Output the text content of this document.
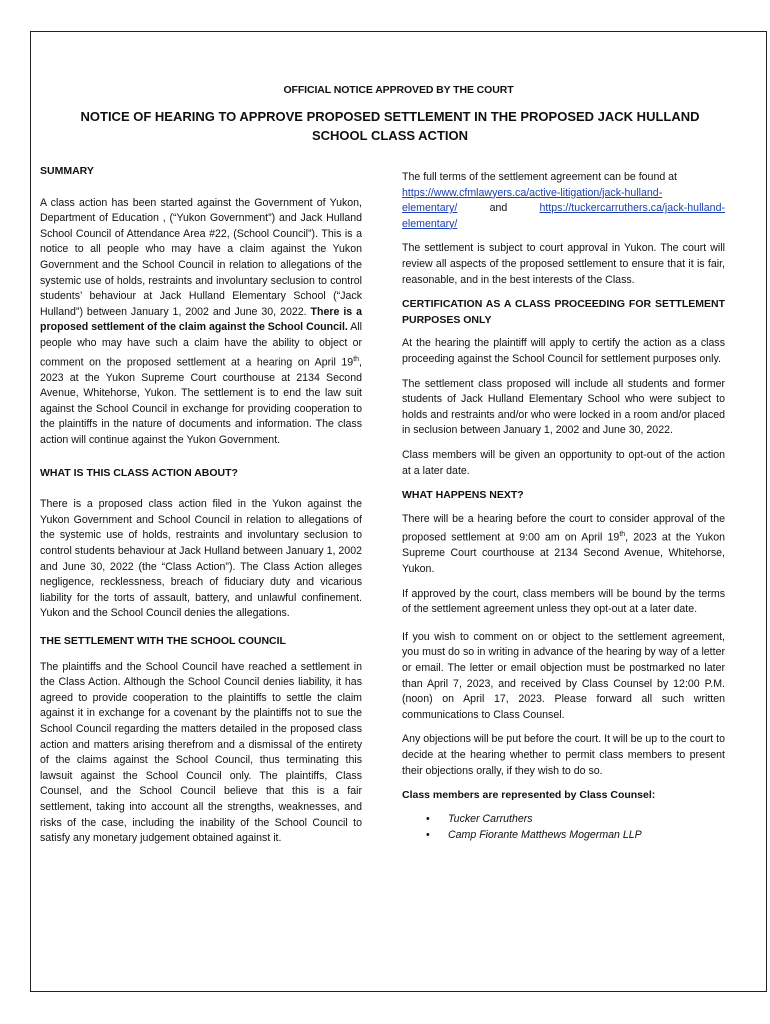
OFFICIAL NOTICE APPROVED BY THE COURT
NOTICE OF HEARING TO APPROVE PROPOSED SETTLEMENT IN THE PROPOSED JACK HULLAND
SCHOOL CLASS ACTION

SUMMARY

A class action has been started against the Government of Yukon, Department of Education , (“Yukon Government”) and Jack Hulland School Council of Attendance Area #22, (School Council”). This is a notice to all people who may have a claim against the Yukon Government and the School Council in relation to allegations of the systemic use of holds, restraints and involuntary seclusion to control students’ behaviour at Jack Hulland Elementary School (“Jack Hulland”) between January 1, 2002 and June 30, 2022. There is a proposed settlement of the claim against the School Council. All people who may have such a claim have the ability to object or comment on the proposed settlement at a hearing on April 19th, 2023 at the Yukon Supreme Court courthouse at 2134 Second Avenue, Whitehorse, Yukon. The settlement is to end the law suit against the School Council in exchange for providing cooperation to the plaintiffs in the nature of documents and information. The class action will continue against the Yukon Government.

WHAT IS THIS CLASS ACTION ABOUT?

There is a proposed class action filed in the Yukon against the Yukon Government and School Council in relation to allegations of the systemic use of holds, restraints and involuntary seclusion to control students behaviour at Jack Hulland between January 1, 2002 and June 30, 2022 (the “Class Action”). The Class Action alleges negligence, recklessness, breach of fiduciary duty and vicarious liability for the torts of assault, battery, and unlawful confinement. Yukon and the School Council denies the allegations.

THE SETTLEMENT WITH THE SCHOOL COUNCIL

The plaintiffs and the School Council have reached a settlement in the Class Action. Although the School Council denies liability, it has agreed to provide cooperation to the plaintiffs to settle the claim against it in exchange for a covenant by the plaintiffs not to sue the School Council regarding the matters detailed in the proposed class action and matters arising therefrom and a dismissal of the entirety of the claims against the School Council, thus terminating this lawsuit against the School Council only. The plaintiffs, Class Counsel, and the School Council believe that this is a fair settlement, taking into account all the strengths, weaknesses, and risks of the case, including the inability of the School Council to satisfy any monetary judgement obtained against it.

The full terms of the settlement agreement can be found at

https://www.cfmlawyers.ca/active-litigation/jack-hulland-

elementary/	and	https://tuckercarruthers.ca/jack-hulland-

elementary/

The settlement is subject to court approval in Yukon. The court will review all aspects of the proposed settlement to ensure that it is fair, reasonable, and in the best interests of the Class.

CERTIFICATION AS A CLASS PROCEEDING FOR SETTLEMENT PURPOSES ONLY

At the hearing the plaintiff will apply to certify the action as a class proceeding against the School Council for settlement purposes only.

The settlement class proposed will include all students and former students of Jack Hulland Elementary School who were subject to holds and restraints and/or who were locked in a room and/or placed in seclusion between January 1, 2002 and June 30, 2022.

Class members will be given an opportunity to opt-out of the action at a later date.

WHAT HAPPENS NEXT?

There will be a hearing before the court to consider approval of the proposed settlement at 9:00 am on April 19th, 2023 at the Yukon Supreme Court courthouse at 2134 Second Avenue, Whitehorse, Yukon.

If approved by the court, class members will be bound by the terms of the settlement agreement unless they opt-out at a later date.

If you wish to comment on or object to the settlement agreement, you must do so in writing in advance of the hearing by way of a letter or email. The letter or email objection must be postmarked no later than April 7, 2023, and received by Class Counsel by 12:00 P.M. (noon) on April 17, 2023. Please forward all such written communications to Class Counsel.

Any objections will be put before the court. It will be up to the court to decide at the hearing whether to permit class members to present their objections orally, if they wish to do so.

Class members are represented by Class Counsel:

• Tucker Carruthers
• Camp Fiorante Matthews Mogerman LLP
